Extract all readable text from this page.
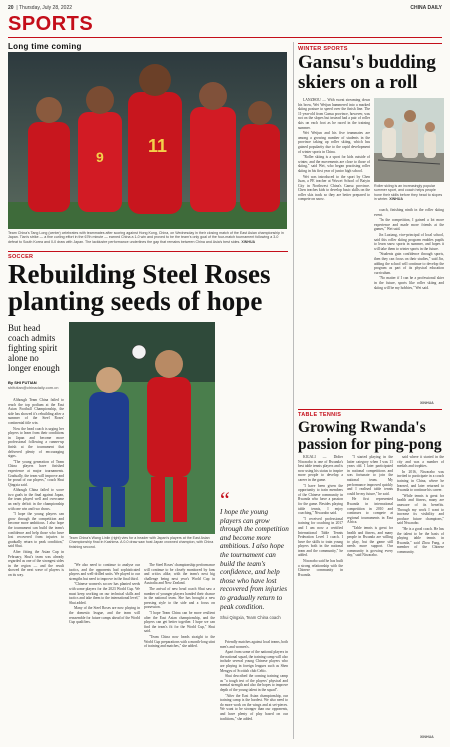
20  | Thursday, July 28, 2022	CHINA DAILY
SPORTS
Long time coming
11
9
Team China's Tang Long (center) celebrates with teammates after scoring against Hong Kong, China, on Wednesday in their closing match of the East Asian championship in Japan. Tian's strike — a fine curling effort in the 67th minute — earned China a 1-0 win and proved to be the team's only goal of the four-match tournament following a 3-0 defeat to South Korea and 0-0 draw with Japan. The lacklustre performance underlines the gap that remains between China and Asia's best sides. XINHUA
SOCCER
Rebuilding Steel Roses planting seeds of hope
But head coach admits fighting spirit alone no longer enough
By SHI FUTIAN
shifutian@chinadaily.com.cn

Although Team China failed to reach the top podium at the East Asian Football Championship, the side has showed it's rebuilding after a summer of the Steel Roses' continental title win.

Now the head coach is urging her players to learn from their conditions in Japan and become more professional following a runner-up finish at the tournament that delivered plenty of encouraging signs.

"The young generation of Team China players have finished experience at major tournaments. Gradually, the team will improve and be proud of our players," coach Shui Qingxia said.

Although China failed to score two goals in the final against Japan, the team played well and overcame an early deficit in the championship with one win and two draws.

"I hope the young players can grow through the competition and become more ambitious. I also hope the tournament can build the team's confidence and help those who have lost recovered from injuries to gradually return to peak condition," said Shui.

After fitting the Asian Cup in February, Shui's team was already regarded as one of the strongest sides in the region — and the result showed the next wave of players is on its way.

Team China's Wang Linlin (right) vies for a header with Japan's players at the East Asian Championship final in Kashima. A 0-0 draw saw host Japan crowned champion, with China finishing second.

"We also need to continue to analyse our tactics, and the opponents had sophisticated players and well-drilled units. We played to our strengths but need to improve in the final third.

"Chinese women's soccer has planted seeds with some players for the 2023 World Cup. We must keep working on our technical skills and tactics and take them to the international level," Shui added.

Many of the Steel Roses are now playing in the domestic league, and the team will reassemble for future camps ahead of the World Cup qualifiers.

The Steel Roses' championship performance will continue to be closely monitored by fans and critics alike, with the team's next big challenge being next year's World Cup in Australia and New Zealand.

The arrival of new head coach Shui saw a number of younger players handed their chance in the national team. She has brought a new pressing style to the side and a focus on possession.

"I hope Team China can be more resilient after the East Asian championship, and the players can get better together. I hope we can find the team's fit for the World Cup," Shui said.

"Team China now heads straight to the World Cup preparations with a month-long stint of training and matches," she added.

“
I hope the young players can grow through the competition and become more ambitious. I also hope the tournament can build the team's confidence, and help those who have lost recovered from injuries to gradually return to peak condition.
Shui Qingxia, Team China coach

Friendly matches against local teams, both men's and women's.

Apart from some of the national players in the national squad, the training camp will also include several young Chinese players who are playing in foreign leagues such as Shen Mengyu of Scottish club Celtic.

Shui described the coming training camp as "a tough test of the players' physical and mental strength and also the hopes to improve depth of the young talent in the squad".

"After the East Asian championship, our training camp is the hardest. We also need to do more work on the wings and at set-pieces. We want to be stronger than our opponents, and have plenty of play based on our traditions," she added.

WINTER SPORTS
Gansu's budding skiers on a roll

LANZHOU — With sweat streaming down his brow, Wei Weijun hammered into a marked skiing posture to speed over the finish line. The 11-year-old from Gansu province, however, was not on the slopes but instead had a pair of roller skis on each foot as he raced in the training summer.

Wei Weijun and his five teammates are among a growing number of students in the province taking up roller skiing, which has gained popularity due to the rapid development of winter sports in China.

"Roller skiing is a sport for kids outside of winter, and the movements are close to those of skiing," said Wei, who began practising roller skiing in his first year of junior high school.

Wei was introduced to the sport by Chen Juan, a PE teacher at Wuwei School of Baiyin City in Northwest China's Gansu province. Chen teaches kids to develop basic skills on the roller skis track so they are better prepared to compete on snow.

Roller skiing is an increasingly popular summer sport, and coach helps people hone their skills before they head to slopes in winter. XINHUA

coach, finishing ninth in the roller skiing event.

"In the competition, I gained a lot more experience and made more friends at the games," Wei said.

Jin Luxiang, vice-principal of local school, said this roller skiing program enables pupils to learn snow sports in summer, and hopes it will take them to winter sports in the future.

"Students gain confidence through sports, then they can focus on their studies," said Jin, adding the school will continue to develop the program as part of its physical education curriculum.

"No matter if I can be a professional skier in the future, sports like roller skiing and skiing will be my hobbies," Wei said.

XINHUA
TABLE TENNIS
Growing Rwanda's passion for ping-pong

KIGALI — Didier Ntwarabo is one of Rwanda's best table tennis players and is now using his status to inspire more people to develop a career in the game.

"I have been given the opportunity to train members of the Chinese community in Rwanda who have a passion for the game. Besides playing table tennis, I enjoy coaching," Ntwarabo said.

"I received professional training for coaching in 2017 and I am now a certified International Table Tennis Federation Level 1 coach. I have the skills to train young players both in the national team and the community," he added.

Ntwarabo said he has built a strong relationship with the Chinese community in Rwanda.

"I started playing in the latter category when I was 11 years old. I later participated in national competitions and was fortunate to join the national team. My performance improved quickly and I realised table tennis could be my future," he said.

He first represented Rwanda in international competition in 2010 and continues to compete at regional tournaments in East Africa.

"Table tennis is great for health and fitness, and many people in Rwanda are willing to play, but the game still needs more support. Our community is growing every day," said Ntwarabo.

said where it started in the city and was a number of medals and trophies.

In 2016, Ntwarabo was invited to participate in a coach training in China, where he learned, and later returned to Rwanda to continue his career.

"While tennis is great for health and fitness, many are unaware of its benefits. Through my work I want to increase its visibility and produce future champions," said Ntwarabo.

"He is a good coach. He has the talent to be the basis of playing table tennis in Rwanda," said Zhou Fang, a member of the Chinese community.

XINHUA
